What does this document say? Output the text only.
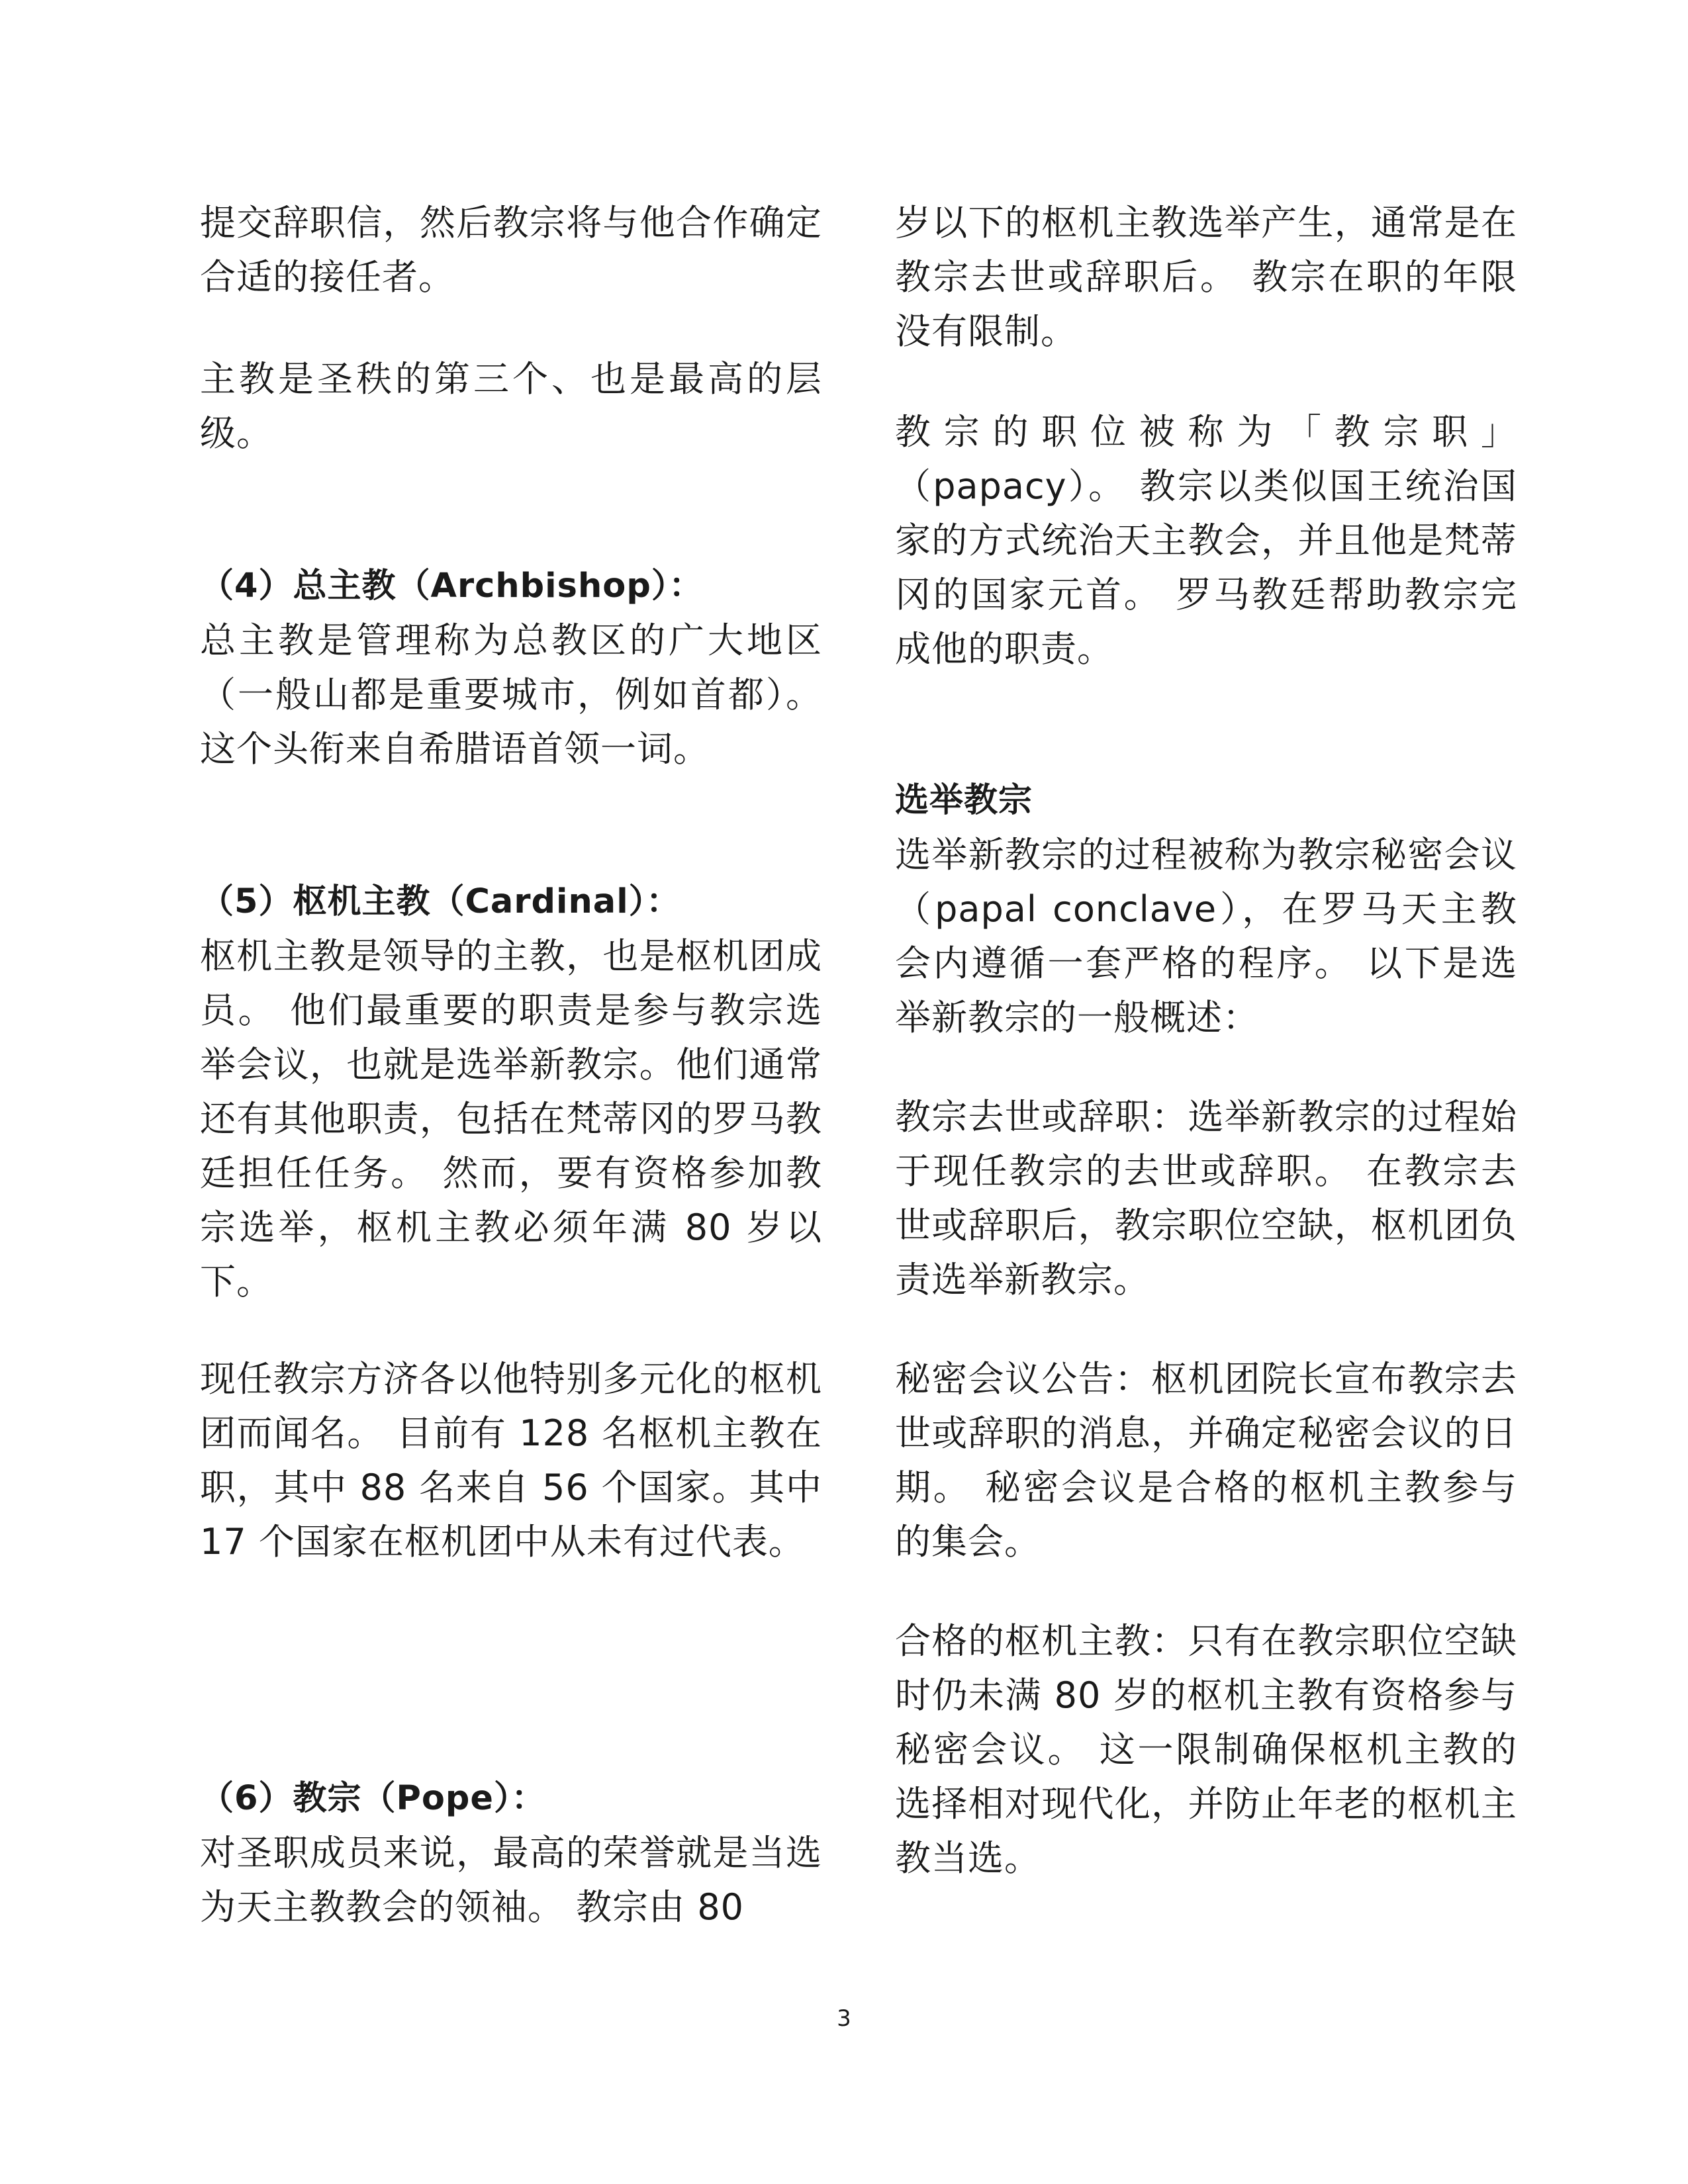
提交辞职信，然后教宗将与他合作确定合适的接任者。

主教是圣秩的第三个、也是最高的层级。

（4）总主教（Archbishop）：

总主教是管理称为总教区的广大地区（一般山都是重要城市，例如首都）。这个头衔来自希腊语首领一词。

（5）枢机主教（Cardinal）：

枢机主教是领导的主教，也是枢机团成员。 他们最重要的职责是参与教宗选举会议，也就是选举新教宗。他们通常还有其他职责，包括在梵蒂冈的罗马教廷担任任务。 然而，要有资格参加教宗选举，枢机主教必须年满 80 岁以下。

现任教宗方济各以他特别多元化的枢机团而闻名。 目前有 128 名枢机主教在职，其中 88 名来自 56 个国家。其中 17 个国家在枢机团中从未有过代表。

（6）教宗（Pope）：

对圣职成员来说，最高的荣誉就是当选为天主教教会的领袖。 教宗由 80

岁以下的枢机主教选举产生，通常是在教宗去世或辞职后。 教宗在职的年限没有限制。

教宗的职位被称为「教宗职」（papacy）。 教宗以类似国王统治国家的方式统治天主教会，并且他是梵蒂冈的国家元首。 罗马教廷帮助教宗完成他的职责。

选举教宗

选举新教宗的过程被称为教宗秘密会议（papal conclave），在罗马天主教会内遵循一套严格的程序。 以下是选举新教宗的一般概述：

教宗去世或辞职：选举新教宗的过程始于现任教宗的去世或辞职。 在教宗去世或辞职后，教宗职位空缺，枢机团负责选举新教宗。

秘密会议公告：枢机团院长宣布教宗去世或辞职的消息，并确定秘密会议的日期。 秘密会议是合格的枢机主教参与的集会。

合格的枢机主教：只有在教宗职位空缺时仍未满 80 岁的枢机主教有资格参与秘密会议。 这一限制确保枢机主教的选择相对现代化，并防止年老的枢机主教当选。

3
